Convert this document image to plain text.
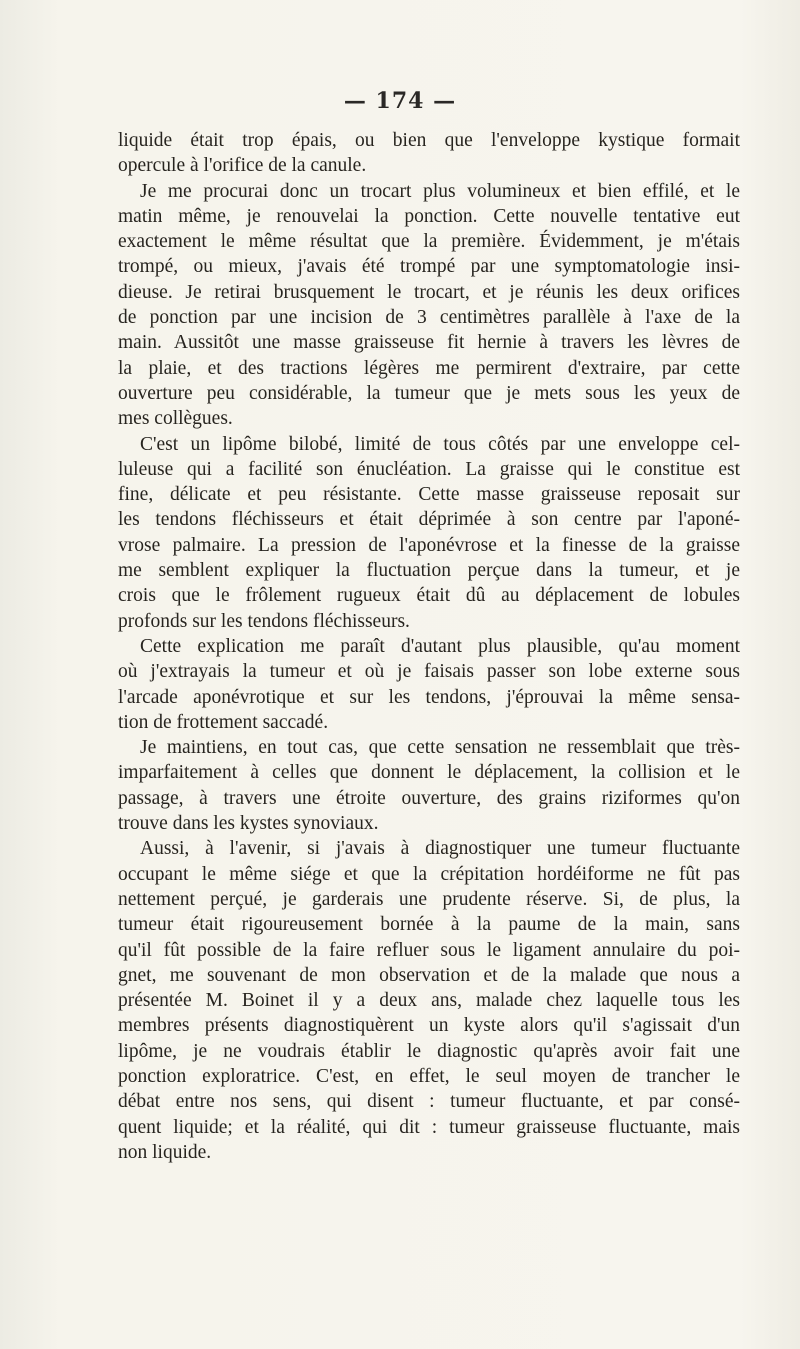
— 174 —
liquide était trop épais, ou bien que l'enveloppe kystique formait
opercule à l'orifice de la canule.
Je me procurai donc un trocart plus volumineux et bien effilé, et le
matin même, je renouvelai la ponction. Cette nouvelle tentative eut
exactement le même résultat que la première. Évidemment, je m'étais
trompé, ou mieux, j'avais été trompé par une symptomatologie insi-
dieuse. Je retirai brusquement le trocart, et je réunis les deux orifices
de ponction par une incision de 3 centimètres parallèle à l'axe de la
main. Aussitôt une masse graisseuse fit hernie à travers les lèvres de
la plaie, et des tractions légères me permirent d'extraire, par cette
ouverture peu considérable, la tumeur que je mets sous les yeux de
mes collègues.
C'est un lipôme bilobé, limité de tous côtés par une enveloppe cel-
luleuse qui a facilité son énucléation. La graisse qui le constitue est
fine, délicate et peu résistante. Cette masse graisseuse reposait sur
les tendons fléchisseurs et était déprimée à son centre par l'aponé-
vrose palmaire. La pression de l'aponévrose et la finesse de la graisse
me semblent expliquer la fluctuation perçue dans la tumeur, et je
crois que le frôlement rugueux était dû au déplacement de lobules
profonds sur les tendons fléchisseurs.
Cette explication me paraît d'autant plus plausible, qu'au moment
où j'extrayais la tumeur et où je faisais passer son lobe externe sous
l'arcade aponévrotique et sur les tendons, j'éprouvai la même sensa-
tion de frottement saccadé.
Je maintiens, en tout cas, que cette sensation ne ressemblait que très-
imparfaitement à celles que donnent le déplacement, la collision et le
passage, à travers une étroite ouverture, des grains riziformes qu'on
trouve dans les kystes synoviaux.
Aussi, à l'avenir, si j'avais à diagnostiquer une tumeur fluctuante
occupant le même siége et que la crépitation hordéiforme ne fût pas
nettement perçué, je garderais une prudente réserve. Si, de plus, la
tumeur était rigoureusement bornée à la paume de la main, sans
qu'il fût possible de la faire refluer sous le ligament annulaire du poi-
gnet, me souvenant de mon observation et de la malade que nous a
présentée M. Boinet il y a deux ans, malade chez laquelle tous les
membres présents diagnostiquèrent un kyste alors qu'il s'agissait d'un
lipôme, je ne voudrais établir le diagnostic qu'après avoir fait une
ponction exploratrice. C'est, en effet, le seul moyen de trancher le
débat entre nos sens, qui disent : tumeur fluctuante, et par consé-
quent liquide; et la réalité, qui dit : tumeur graisseuse fluctuante, mais
non liquide.
